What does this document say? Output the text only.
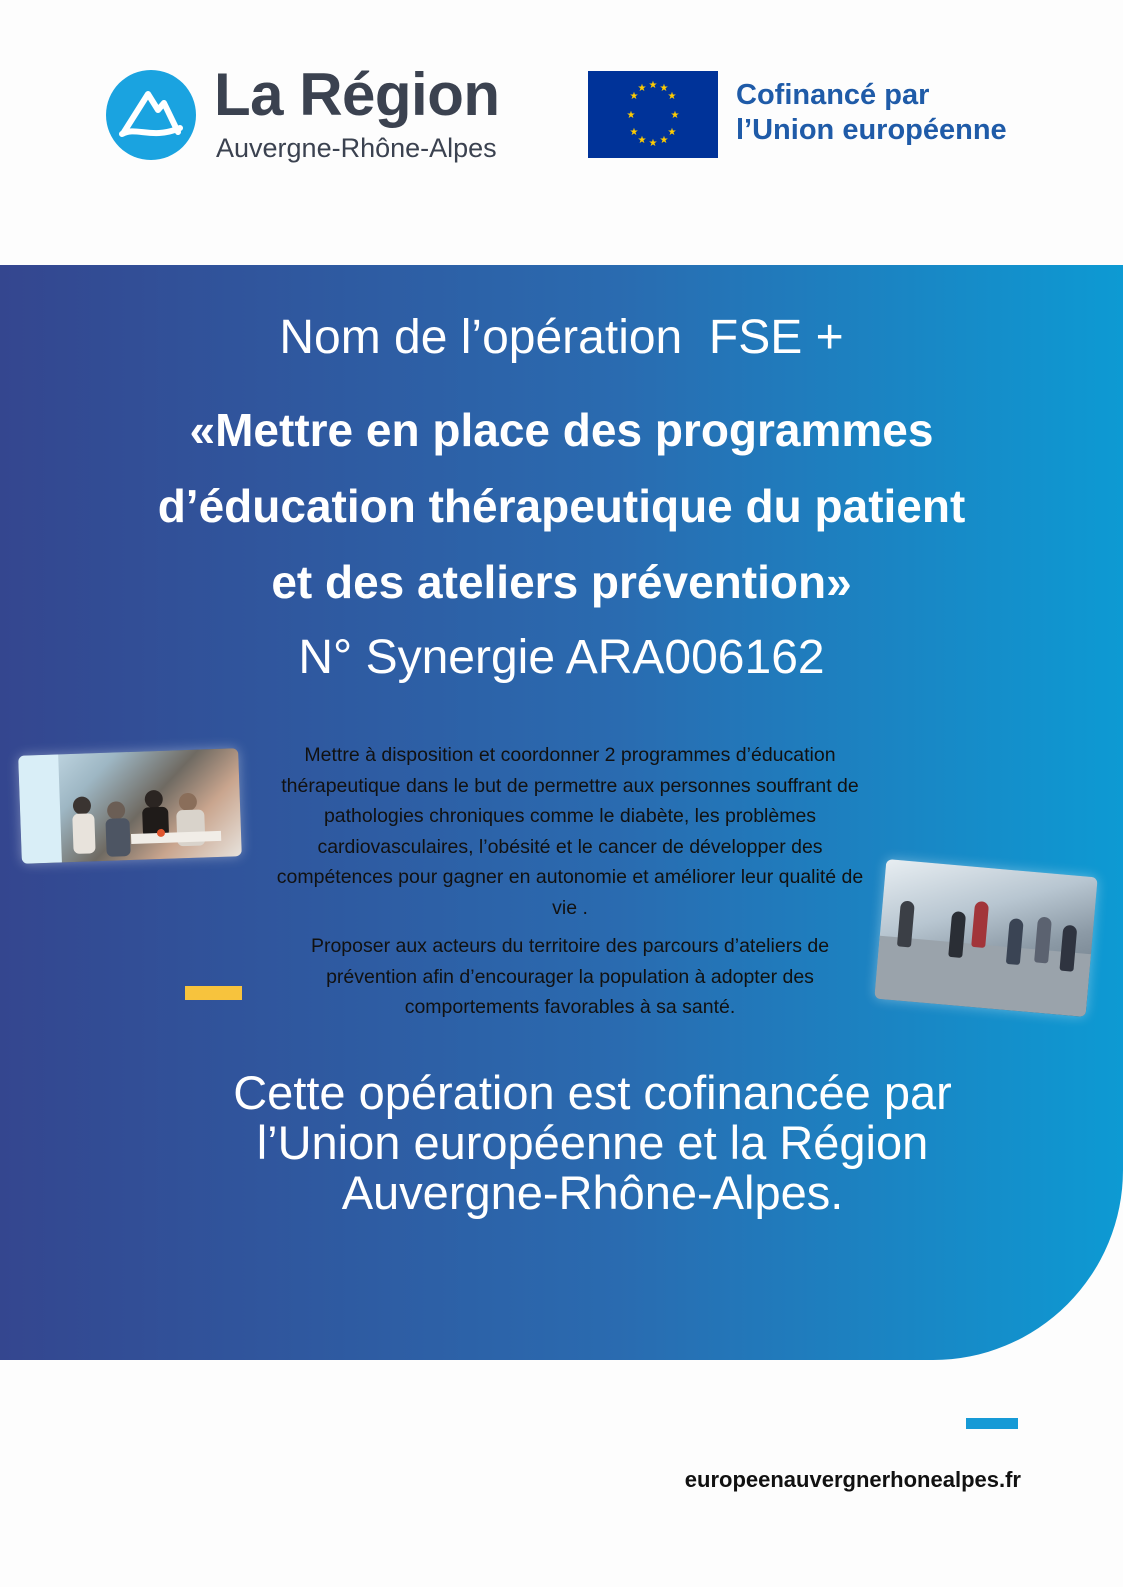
La Région
Auvergne-Rhône-Alpes
★ ★
★
★
★
★
★
★
★
★
★
★	Cofinancé par
l’Union européenne
Nom de l’opération  FSE +
«Mettre en place des programmes
d’éducation thérapeutique du patient
et des ateliers prévention»
N° Synergie ARA006162

Mettre à disposition et coordonner 2 programmes d’éducation thérapeutique dans le but de permettre aux personnes souffrant de pathologies chroniques comme le diabète, les problèmes cardiovasculaires, l’obésité et le cancer de développer des compétences pour gagner en autonomie et améliorer leur qualité de vie .

Proposer aux acteurs du territoire des parcours d’ateliers de prévention afin d’encourager la population à adopter des comportements favorables à sa santé.

Cette opération est cofinancée par
l’Union européenne et la Région
Auvergne-Rhône-Alpes.
europeenauvergnerhonealpes.fr
